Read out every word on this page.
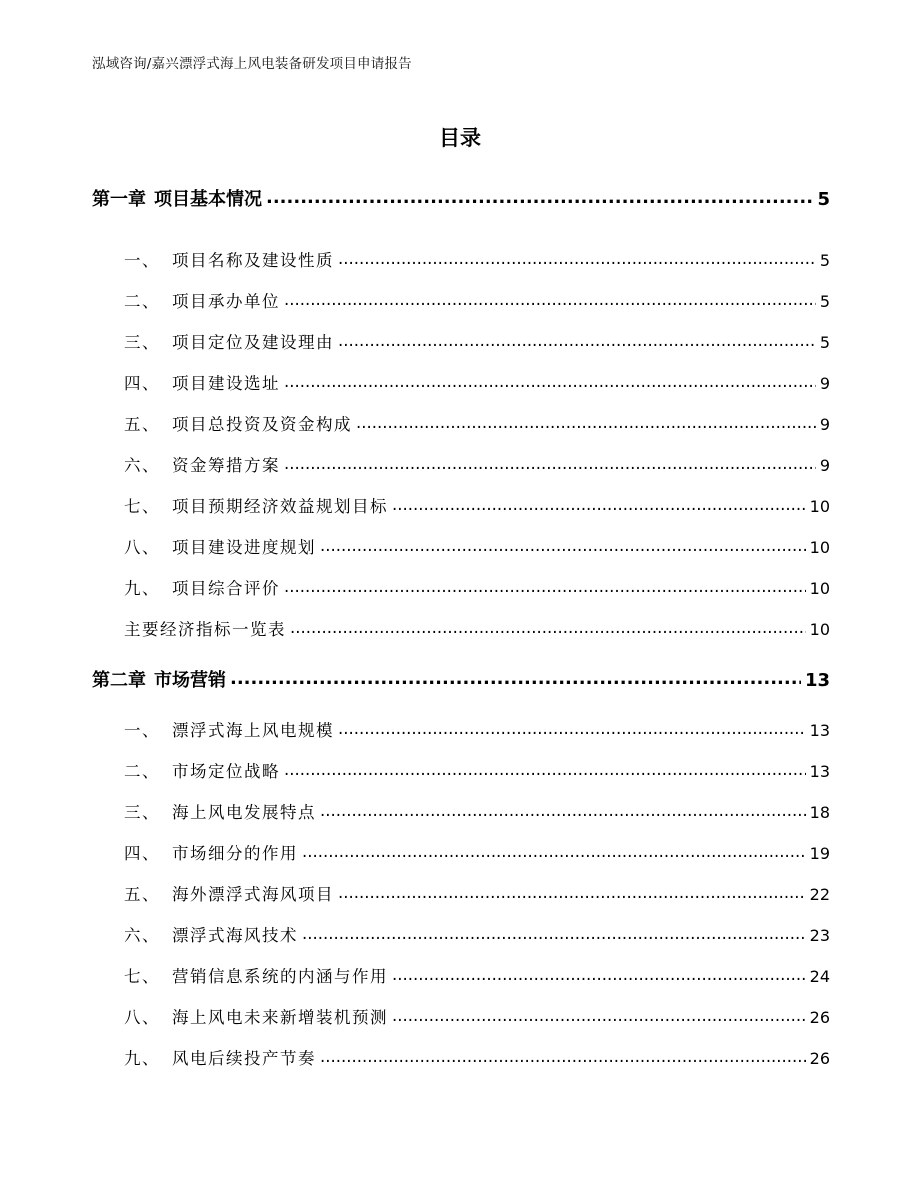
泓域咨询/嘉兴漂浮式海上风电装备研发项目申请报告
目录
第一章 项目基本情况 .....	5
一、 项目名称及建设性质 .....	5
二、 项目承办单位 .....	5
三、 项目定位及建设理由 .....	5
四、 项目建设选址 .....	9
五、 项目总投资及资金构成 .....	9
六、 资金筹措方案 .....	9
七、 项目预期经济效益规划目标 .....	10
八、 项目建设进度规划 .....	10
九、 项目综合评价 .....	10
主要经济指标一览表 .....	10
第二章 市场营销 .....	13
一、 漂浮式海上风电规模 .....	13
二、 市场定位战略 .....	13
三、 海上风电发展特点 .....	18
四、 市场细分的作用 .....	19
五、 海外漂浮式海风项目 .....	22
六、 漂浮式海风技术 .....	23
七、 营销信息系统的内涵与作用 .....	24
八、 海上风电未来新增装机预测 .....	26
九、 风电后续投产节奏 .....	26
